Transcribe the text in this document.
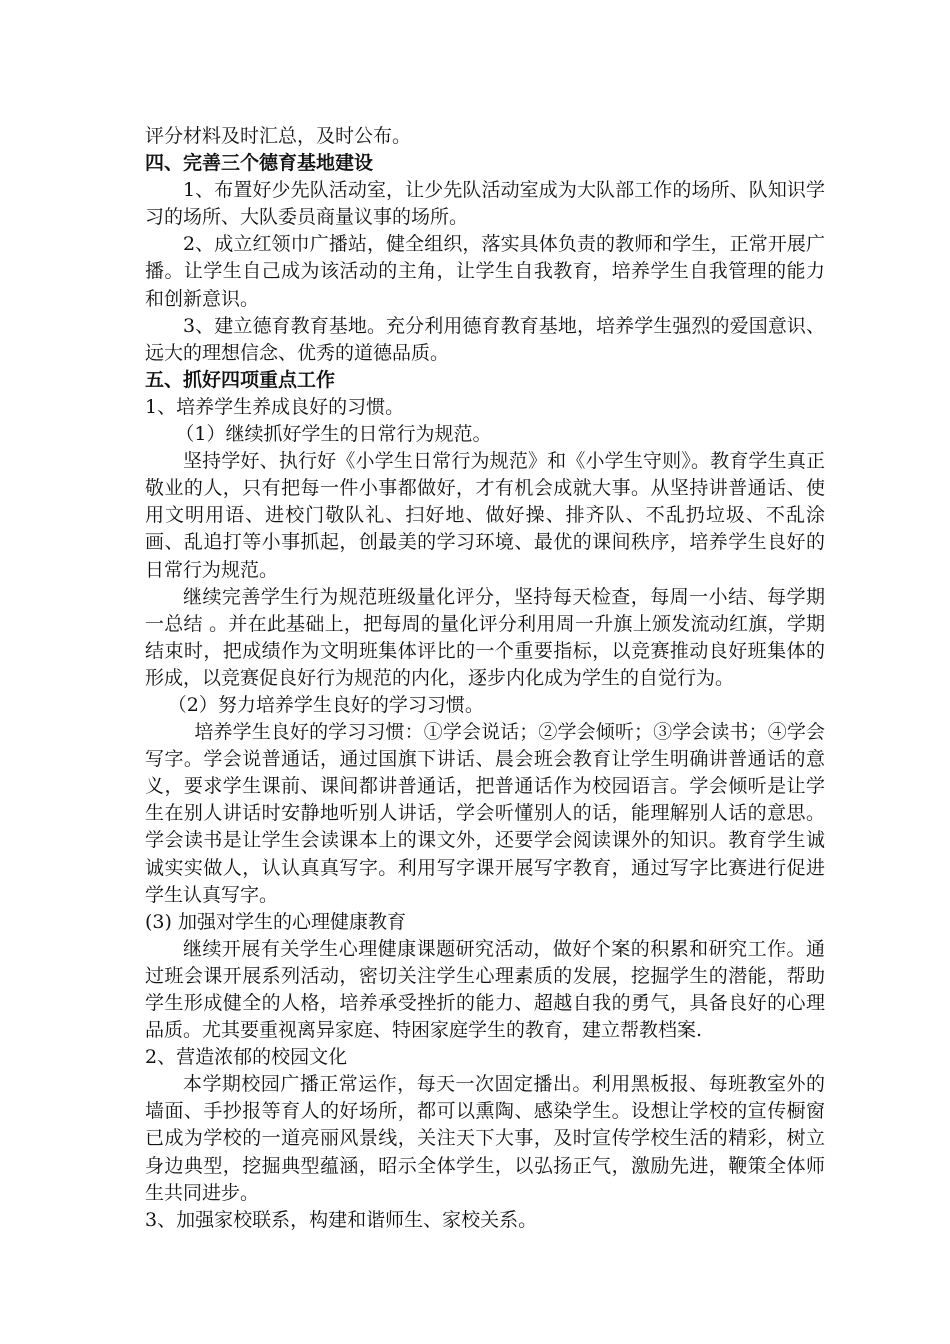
评分材料及时汇总，及时公布。

四、完善三个德育基地建设

1、布置好少先队活动室，让少先队活动室成为大队部工作的场所、队知识学习的场所、大队委员商量议事的场所。

2、成立红领巾广播站，健全组织，落实具体负责的教师和学生，正常开展广播。让学生自己成为该活动的主角，让学生自我教育，培养学生自我管理的能力和创新意识。

3、建立德育教育基地。充分利用德育教育基地，培养学生强烈的爱国意识、远大的理想信念、优秀的道德品质。

五、抓好四项重点工作

1、培养学生养成良好的习惯。

（1）继续抓好学生的日常行为规范。

坚持学好、执行好《小学生日常行为规范》和《小学生守则》。教育学生真正敬业的人，只有把每一件小事都做好，才有机会成就大事。从坚持讲普通话、使用文明用语、进校门敬队礼、扫好地、做好操、排齐队、不乱扔垃圾、不乱涂画、乱追打等小事抓起，创最美的学习环境、最优的课间秩序，培养学生良好的日常行为规范。

继续完善学生行为规范班级量化评分，坚持每天检查，每周一小结、每学期一总结 。并在此基础上，把每周的量化评分利用周一升旗上颁发流动红旗，学期结束时，把成绩作为文明班集体评比的一个重要指标，以竞赛推动良好班集体的形成，以竞赛促良好行为规范的内化，逐步内化成为学生的自觉行为。

（2）努力培养学生良好的学习习惯。

培养学生良好的学习习惯：①学会说话；②学会倾听；③学会读书；④学会写字。学会说普通话，通过国旗下讲话、晨会班会教育让学生明确讲普通话的意义，要求学生课前、课间都讲普通话，把普通话作为校园语言。学会倾听是让学生在别人讲话时安静地听别人讲话，学会听懂别人的话，能理解别人话的意思。学会读书是让学生会读课本上的课文外，还要学会阅读课外的知识。教育学生诚诚实实做人，认认真真写字。利用写字课开展写字教育，通过写字比赛进行促进学生认真写字。

(3) 加强对学生的心理健康教育

继续开展有关学生心理健康课题研究活动，做好个案的积累和研究工作。通过班会课开展系列活动，密切关注学生心理素质的发展，挖掘学生的潜能，帮助学生形成健全的人格，培养承受挫折的能力、超越自我的勇气，具备良好的心理品质。尤其要重视离异家庭、特困家庭学生的教育，建立帮教档案.

2、营造浓郁的校园文化

本学期校园广播正常运作，每天一次固定播出。利用黑板报、每班教室外的墙面、手抄报等育人的好场所，都可以熏陶、感染学生。设想让学校的宣传橱窗已成为学校的一道亮丽风景线，关注天下大事，及时宣传学校生活的精彩，树立身边典型，挖掘典型蕴涵，昭示全体学生，以弘扬正气，激励先进，鞭策全体师生共同进步。

3、加强家校联系，构建和谐师生、家校关系。
